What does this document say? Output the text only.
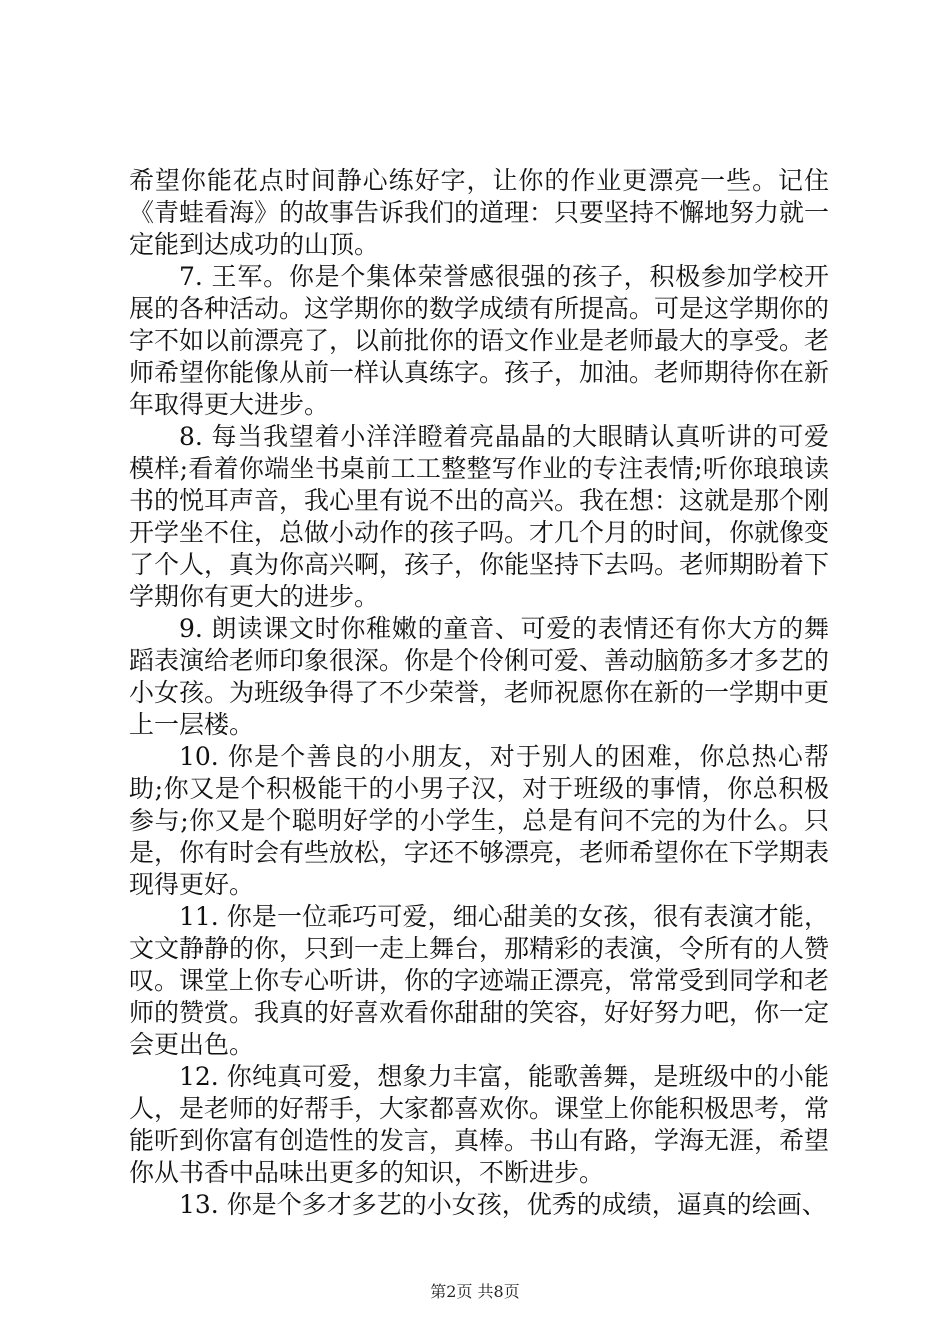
希望你能花点时间静心练好字，让你的作业更漂亮一些。记住《青蛙看海》的故事告诉我们的道理：只要坚持不懈地努力就一定能到达成功的山顶。

7. 王军。你是个集体荣誉感很强的孩子，积极参加学校开展的各种活动。这学期你的数学成绩有所提高。可是这学期你的字不如以前漂亮了，以前批你的语文作业是老师最大的享受。老师希望你能像从前一样认真练字。孩子，加油。老师期待你在新年取得更大进步。

8. 每当我望着小洋洋瞪着亮晶晶的大眼睛认真听讲的可爱模样;看着你端坐书桌前工工整整写作业的专注表情;听你琅琅读书的悦耳声音，我心里有说不出的高兴。我在想：这就是那个刚开学坐不住，总做小动作的孩子吗。才几个月的时间，你就像变了个人，真为你高兴啊，孩子，你能坚持下去吗。老师期盼着下学期你有更大的进步。

9. 朗读课文时你稚嫩的童音、可爱的表情还有你大方的舞蹈表演给老师印象很深。你是个伶俐可爱、善动脑筋多才多艺的小女孩。为班级争得了不少荣誉，老师祝愿你在新的一学期中更上一层楼。

10. 你是个善良的小朋友，对于别人的困难，你总热心帮助;你又是个积极能干的小男子汉，对于班级的事情，你总积极参与;你又是个聪明好学的小学生，总是有问不完的为什么。只是，你有时会有些放松，字还不够漂亮，老师希望你在下学期表现得更好。

11. 你是一位乖巧可爱，细心甜美的女孩，很有表演才能，文文静静的你，只到一走上舞台，那精彩的表演，令所有的人赞叹。课堂上你专心听讲，你的字迹端正漂亮，常常受到同学和老师的赞赏。我真的好喜欢看你甜甜的笑容，好好努力吧，你一定会更出色。

12. 你纯真可爱，想象力丰富，能歌善舞，是班级中的小能人，是老师的好帮手，大家都喜欢你。课堂上你能积极思考，常能听到你富有创造性的发言，真棒。书山有路，学海无涯，希望你从书香中品味出更多的知识，不断进步。

13. 你是个多才多艺的小女孩，优秀的成绩，逼真的绘画、

第2页 共8页
